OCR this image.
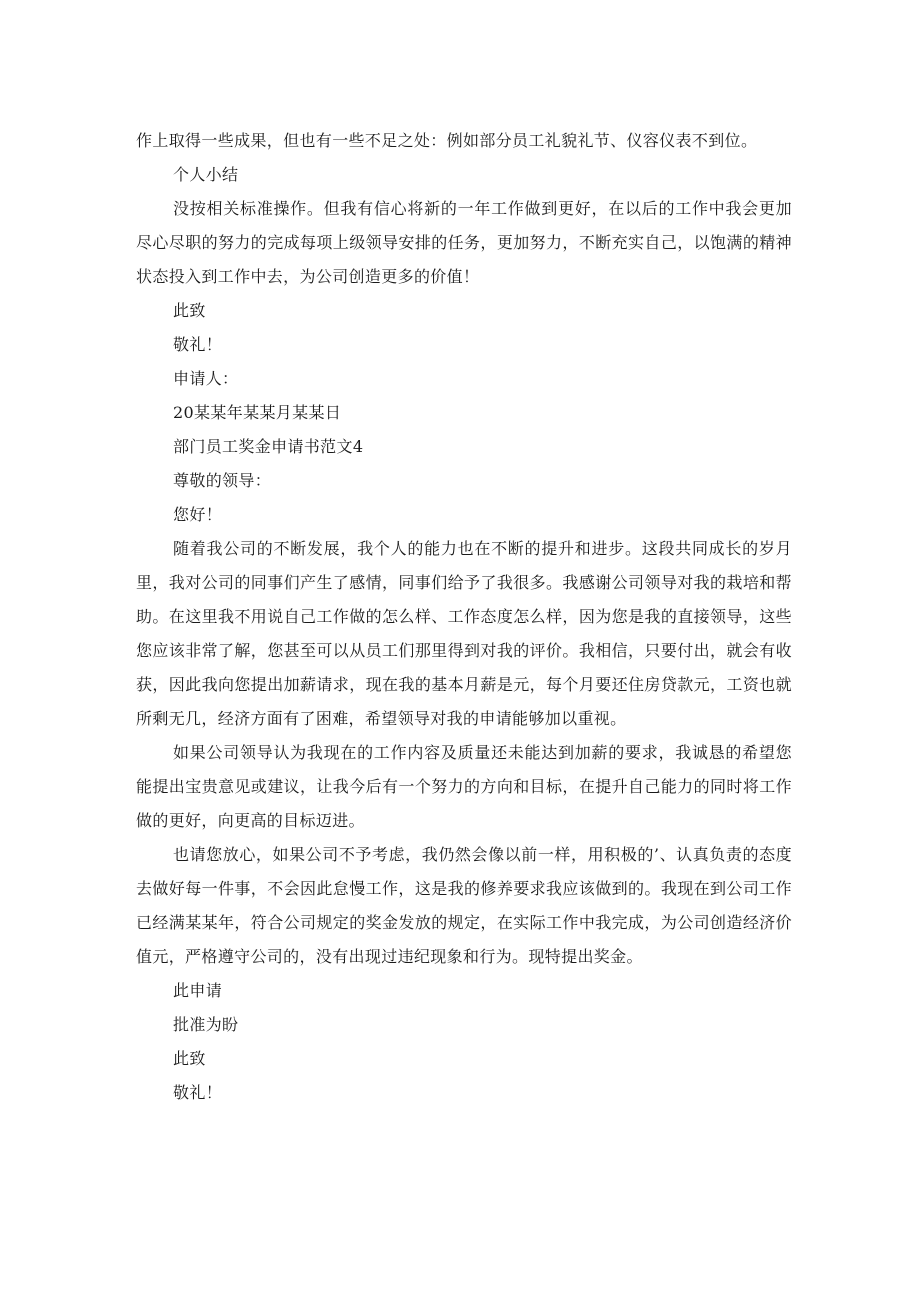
作上取得一些成果，但也有一些不足之处：例如部分员工礼貌礼节、仪容仪表不到位。

个人小结

没按相关标准操作。但我有信心将新的一年工作做到更好，在以后的工作中我会更加尽心尽职的努力的完成每项上级领导安排的任务，更加努力，不断充实自己，以饱满的精神状态投入到工作中去，为公司创造更多的价值！

此致

敬礼！

申请人：

20某某年某某月某某日

部门员工奖金申请书范文4

尊敬的领导：

您好！

随着我公司的不断发展，我个人的能力也在不断的提升和进步。这段共同成长的岁月里，我对公司的同事们产生了感情，同事们给予了我很多。我感谢公司领导对我的栽培和帮助。在这里我不用说自己工作做的怎么样、工作态度怎么样，因为您是我的直接领导，这些您应该非常了解，您甚至可以从员工们那里得到对我的评价。我相信，只要付出，就会有收获，因此我向您提出加薪请求，现在我的基本月薪是元，每个月要还住房贷款元，工资也就所剩无几，经济方面有了困难，希望领导对我的申请能够加以重视。

如果公司领导认为我现在的工作内容及质量还未能达到加薪的要求，我诚恳的希望您能提出宝贵意见或建议，让我今后有一个努力的方向和目标，在提升自己能力的同时将工作做的更好，向更高的目标迈进。

也请您放心，如果公司不予考虑，我仍然会像以前一样，用积极的’、认真负责的态度去做好每一件事，不会因此怠慢工作，这是我的修养要求我应该做到的。我现在到公司工作已经满某某年，符合公司规定的奖金发放的规定，在实际工作中我完成，为公司创造经济价值元，严格遵守公司的，没有出现过违纪现象和行为。现特提出奖金。

此申请

批准为盼

此致

敬礼！
